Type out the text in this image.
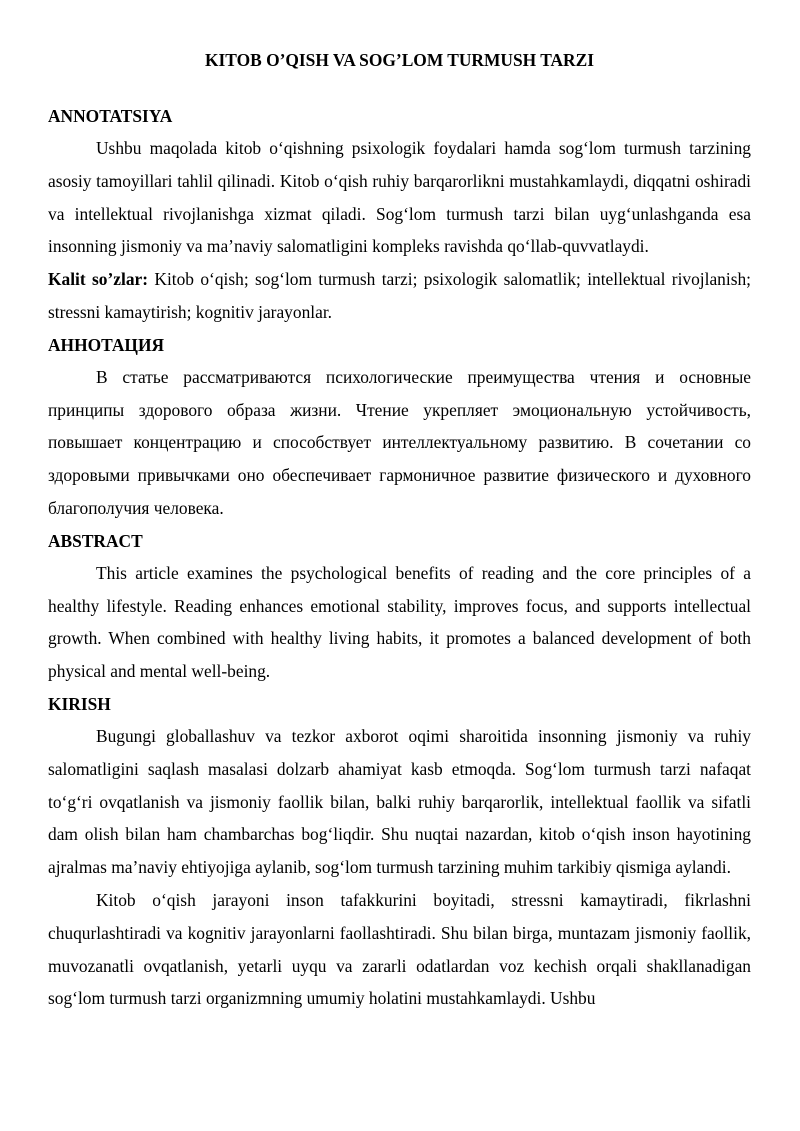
KITOB O’QISH VA SOG’LOM TURMUSH TARZI

ANNOTATSIYA

Ushbu maqolada kitob o‘qishning psixologik foydalari hamda sog‘lom turmush tarzining asosiy tamoyillari tahlil qilinadi. Kitob o‘qish ruhiy barqarorlikni mustahkamlaydi, diqqatni oshiradi va intellektual rivojlanishga xizmat qiladi. Sog‘lom turmush tarzi bilan uyg‘unlashganda esa insonning jismoniy va ma’naviy salomatligini kompleks ravishda qo‘llab-quvvatlaydi.

Kalit so’zlar: Kitob o‘qish; sog‘lom turmush tarzi; psixologik salomatlik; intellektual rivojlanish; stressni kamaytirish; kognitiv jarayonlar.

АННОТАЦИЯ

В статье рассматриваются психологические преимущества чтения и основные принципы здорового образа жизни. Чтение укрепляет эмоциональную устойчивость, повышает концентрацию и способствует интеллектуальному развитию. В сочетании со здоровыми привычками оно обеспечивает гармоничное развитие физического и духовного благополучия человека.

ABSTRACT

This article examines the psychological benefits of reading and the core principles of a healthy lifestyle. Reading enhances emotional stability, improves focus, and supports intellectual growth. When combined with healthy living habits, it promotes a balanced development of both physical and mental well-being.

KIRISH

Bugungi globallashuv va tezkor axborot oqimi sharoitida insonning jismoniy va ruhiy salomatligini saqlash masalasi dolzarb ahamiyat kasb etmoqda. Sog‘lom turmush tarzi nafaqat to‘g‘ri ovqatlanish va jismoniy faollik bilan, balki ruhiy barqarorlik, intellektual faollik va sifatli dam olish bilan ham chambarchas bog‘liqdir. Shu nuqtai nazardan, kitob o‘qish inson hayotining ajralmas ma’naviy ehtiyojiga aylanib, sog‘lom turmush tarzining muhim tarkibiy qismiga aylandi.

Kitob o‘qish jarayoni inson tafakkurini boyitadi, stressni kamaytiradi, fikrlashni chuqurlashtiradi va kognitiv jarayonlarni faollashtiradi. Shu bilan birga, muntazam jismoniy faollik, muvozanatli ovqatlanish, yetarli uyqu va zararli odatlardan voz kechish orqali shakllanadigan sog‘lom turmush tarzi organizmning umumiy holatini mustahkamlaydi. Ushbu
